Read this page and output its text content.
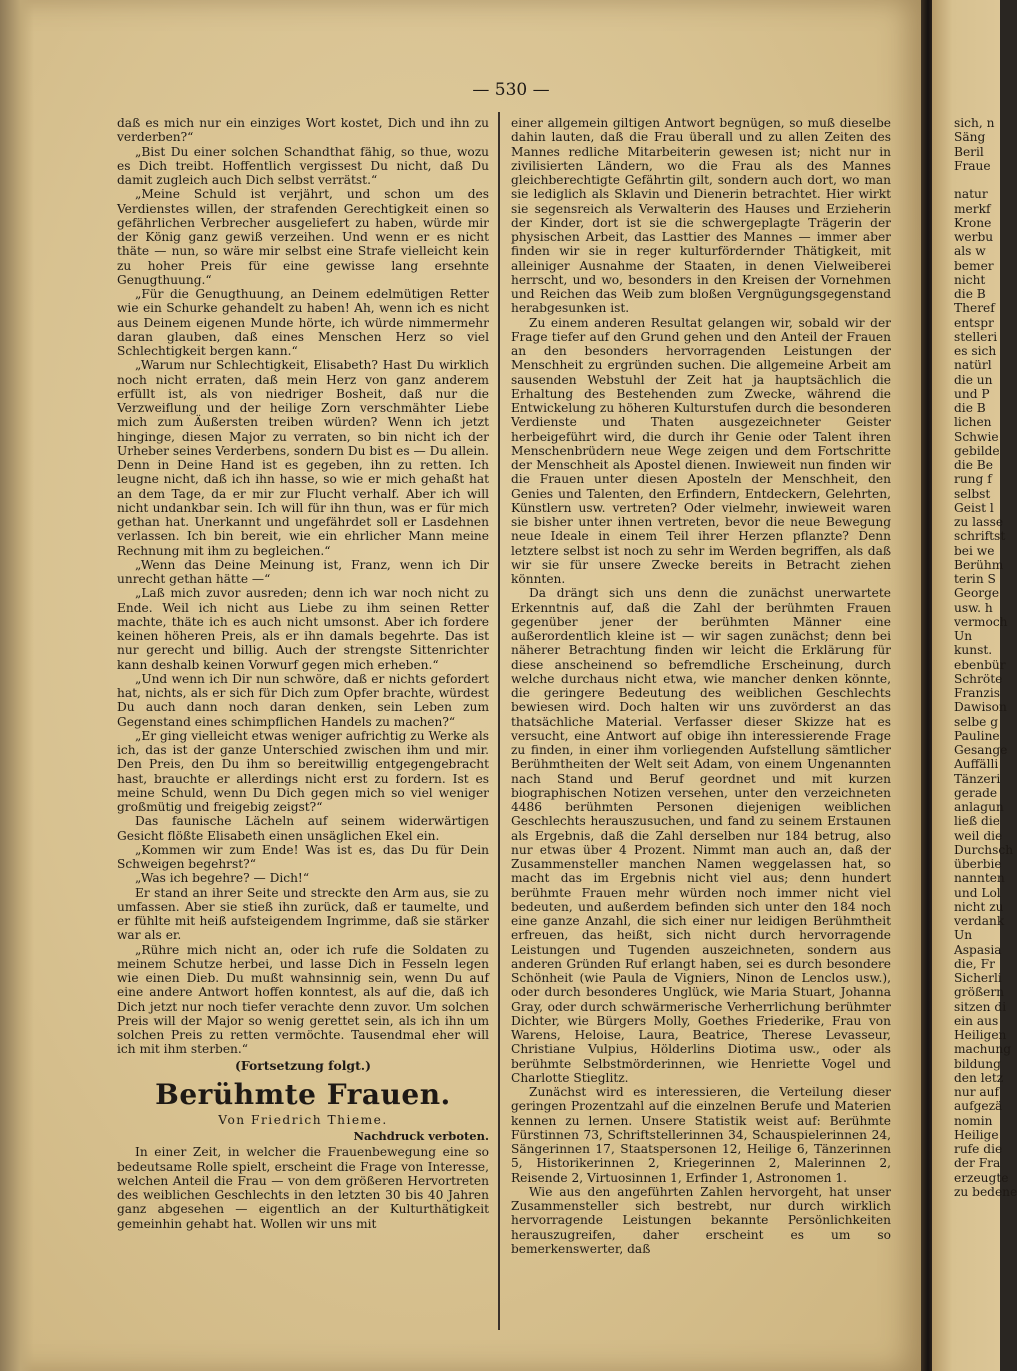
— 530 —

daß es mich nur ein einziges Wort kostet, Dich und ihn zu verderben?“

„Bist Du einer solchen Schandthat fähig, so thue, wozu es Dich treibt. Hoffentlich vergissest Du nicht, daß Du damit zugleich auch Dich selbst verrätst.“

„Meine Schuld ist verjährt, und schon um des Verdienstes willen, der strafenden Gerechtigkeit einen so gefährlichen Verbrecher ausgeliefert zu haben, würde mir der König ganz gewiß verzeihen. Und wenn er es nicht thäte — nun, so wäre mir selbst eine Strafe vielleicht kein zu hoher Preis für eine gewisse lang ersehnte Genugthuung.“

„Für die Genugthuung, an Deinem edelmütigen Retter wie ein Schurke gehandelt zu haben! Ah, wenn ich es nicht aus Deinem eigenen Munde hörte, ich würde nimmermehr daran glauben, daß eines Menschen Herz so viel Schlechtigkeit bergen kann.“

„Warum nur Schlechtigkeit, Elisabeth? Hast Du wirklich noch nicht erraten, daß mein Herz von ganz anderem erfüllt ist, als von niedriger Bosheit, daß nur die Verzweiflung und der heilige Zorn verschmähter Liebe mich zum Äußersten treiben würden? Wenn ich jetzt hinginge, diesen Major zu verraten, so bin nicht ich der Urheber seines Verderbens, sondern Du bist es — Du allein. Denn in Deine Hand ist es gegeben, ihn zu retten. Ich leugne nicht, daß ich ihn hasse, so wie er mich gehaßt hat an dem Tage, da er mir zur Flucht verhalf. Aber ich will nicht undankbar sein. Ich will für ihn thun, was er für mich gethan hat. Unerkannt und ungefährdet soll er Lasdehnen verlassen. Ich bin bereit, wie ein ehrlicher Mann meine Rechnung mit ihm zu begleichen.“

„Wenn das Deine Meinung ist, Franz, wenn ich Dir unrecht gethan hätte —“

„Laß mich zuvor ausreden; denn ich war noch nicht zu Ende. Weil ich nicht aus Liebe zu ihm seinen Retter machte, thäte ich es auch nicht umsonst. Aber ich fordere keinen höheren Preis, als er ihn damals begehrte. Das ist nur gerecht und billig. Auch der strengste Sittenrichter kann deshalb keinen Vorwurf gegen mich erheben.“

„Und wenn ich Dir nun schwöre, daß er nichts gefordert hat, nichts, als er sich für Dich zum Opfer brachte, würdest Du auch dann noch daran denken, sein Leben zum Gegenstand eines schimpflichen Handels zu machen?“

„Er ging vielleicht etwas weniger aufrichtig zu Werke als ich, das ist der ganze Unterschied zwischen ihm und mir. Den Preis, den Du ihm so bereitwillig entgegengebracht hast, brauchte er allerdings nicht erst zu fordern. Ist es meine Schuld, wenn Du Dich gegen mich so viel weniger großmütig und freigebig zeigst?“

Das faunische Lächeln auf seinem widerwärtigen Gesicht flößte Elisabeth einen unsäglichen Ekel ein.

„Kommen wir zum Ende! Was ist es, das Du für Dein Schweigen begehrst?“

„Was ich begehre? — Dich!“

Er stand an ihrer Seite und streckte den Arm aus, sie zu umfassen. Aber sie stieß ihn zurück, daß er taumelte, und er fühlte mit heiß aufsteigendem Ingrimme, daß sie stärker war als er.

„Rühre mich nicht an, oder ich rufe die Soldaten zu meinem Schutze herbei, und lasse Dich in Fesseln legen wie einen Dieb. Du mußt wahnsinnig sein, wenn Du auf eine andere Antwort hoffen konntest, als auf die, daß ich Dich jetzt nur noch tiefer verachte denn zuvor. Um solchen Preis will der Major so wenig gerettet sein, als ich ihn um solchen Preis zu retten vermöchte. Tausendmal eher will ich mit ihm sterben.“

(Fortsetzung folgt.)
Berühmte Frauen.
Von Friedrich Thieme.
Nachdruck verboten.

In einer Zeit, in welcher die Frauenbewegung eine so bedeutsame Rolle spielt, erscheint die Frage von Interesse, welchen Anteil die Frau — von dem größeren Hervortreten des weiblichen Geschlechts in den letzten 30 bis 40 Jahren ganz abgesehen — eigentlich an der Kulturthätigkeit gemeinhin gehabt hat. Wollen wir uns mit

einer allgemein giltigen Antwort begnügen, so muß dieselbe dahin lauten, daß die Frau überall und zu allen Zeiten des Mannes redliche Mitarbeiterin gewesen ist; nicht nur in zivilisierten Ländern, wo die Frau als des Mannes gleichberechtigte Gefährtin gilt, sondern auch dort, wo man sie lediglich als Sklavin und Dienerin betrachtet. Hier wirkt sie segensreich als Verwalterin des Hauses und Erzieherin der Kinder, dort ist sie die schwergeplagte Trägerin der physischen Arbeit, das Lasttier des Mannes — immer aber finden wir sie in reger kulturfördernder Thätigkeit, mit alleiniger Ausnahme der Staaten, in denen Vielweiberei herrscht, und wo, besonders in den Kreisen der Vornehmen und Reichen das Weib zum bloßen Vergnügungsgegenstand herabgesunken ist.

Zu einem anderen Resultat gelangen wir, sobald wir der Frage tiefer auf den Grund gehen und den Anteil der Frauen an den besonders hervorragenden Leistungen der Menschheit zu ergründen suchen. Die allgemeine Arbeit am sausenden Webstuhl der Zeit hat ja hauptsächlich die Erhaltung des Bestehenden zum Zwecke, während die Entwickelung zu höheren Kulturstufen durch die besonderen Verdienste und Thaten ausgezeichneter Geister herbeigeführt wird, die durch ihr Genie oder Talent ihren Menschenbrüdern neue Wege zeigen und dem Fortschritte der Menschheit als Apostel dienen. Inwieweit nun finden wir die Frauen unter diesen Aposteln der Menschheit, den Genies und Talenten, den Erfindern, Entdeckern, Gelehrten, Künstlern usw. vertreten? Oder vielmehr, inwieweit waren sie bisher unter ihnen vertreten, bevor die neue Bewegung neue Ideale in einem Teil ihrer Herzen pflanzte? Denn letztere selbst ist noch zu sehr im Werden begriffen, als daß wir sie für unsere Zwecke bereits in Betracht ziehen könnten.

Da drängt sich uns denn die zunächst unerwartete Erkenntnis auf, daß die Zahl der berühmten Frauen gegenüber jener der berühmten Männer eine außerordentlich kleine ist — wir sagen zunächst; denn bei näherer Betrachtung finden wir leicht die Erklärung für diese anscheinend so befremdliche Erscheinung, durch welche durchaus nicht etwa, wie mancher denken könnte, die geringere Bedeutung des weiblichen Geschlechts bewiesen wird. Doch halten wir uns zuvörderst an das thatsächliche Material. Verfasser dieser Skizze hat es versucht, eine Antwort auf obige ihn interessierende Frage zu finden, in einer ihm vorliegenden Aufstellung sämtlicher Berühmtheiten der Welt seit Adam, von einem Ungenannten nach Stand und Beruf geordnet und mit kurzen biographischen Notizen versehen, unter den verzeichneten 4486 berühmten Personen diejenigen weiblichen Geschlechts herauszusuchen, und fand zu seinem Erstaunen als Ergebnis, daß die Zahl derselben nur 184 betrug, also nur etwas über 4 Prozent. Nimmt man auch an, daß der Zusammensteller manchen Namen weggelassen hat, so macht das im Ergebnis nicht viel aus; denn hundert berühmte Frauen mehr würden noch immer nicht viel bedeuten, und außerdem befinden sich unter den 184 noch eine ganze Anzahl, die sich einer nur leidigen Berühmtheit erfreuen, das heißt, sich nicht durch hervorragende Leistungen und Tugenden auszeichneten, sondern aus anderen Gründen Ruf erlangt haben, sei es durch besondere Schönheit (wie Paula de Vigniers, Ninon de Lenclos usw.), oder durch besonderes Unglück, wie Maria Stuart, Johanna Gray, oder durch schwärmerische Verherrlichung berühmter Dichter, wie Bürgers Molly, Goethes Friederike, Frau von Warens, Heloise, Laura, Beatrice, Therese Levasseur, Christiane Vulpius, Hölderlins Diotima usw., oder als berühmte Selbstmörderinnen, wie Henriette Vogel und Charlotte Stieglitz.

Zunächst wird es interessieren, die Verteilung dieser geringen Prozentzahl auf die einzelnen Berufe und Materien kennen zu lernen. Unsere Statistik weist auf: Berühmte Fürstinnen 73, Schriftstellerinnen 34, Schauspielerinnen 24, Sängerinnen 17, Staatspersonen 12, Heilige 6, Tänzerinnen 5, Historikerinnen 2, Kriegerinnen 2, Malerinnen 2, Reisende 2, Virtuosinnen 1, Erfinder 1, Astronomen 1.

Wie aus den angeführten Zahlen hervorgeht, hat unser Zusammensteller sich bestrebt, nur durch wirklich hervorragende Leistungen bekannte Persönlichkeiten herauszugreifen, daher erscheint es um so bemerkenswerter, daß

sich, n
Säng
Beril
Fraue
natur
merkf
Krone
werbu
als w
bemer
nicht
die B
Theref
entspr
stelleri
es sich
natürl
die un
und P
die B
lichen
Schwie
gebilde
die Be
rung f
selbst
Geist l
zu lasse
schriftst
bei we
Berühm
terin S
George
usw. h
vermoch
Un
kunst.
ebenbür
Schröte
Franzis
Dawison
selbe g
Pauline
Gesange
Auffälli
Tänzeri
gerade
anlagun
ließ die
weil die
Durchsch
überbie
nannten
und Lol
nicht zu
verdank
Un
Aspasia
die, Fr
Sicherli
größern
sitzen di
ein aus
Heiligen
machung
bildung
den letz
nur auf
aufgezä
nomin
Heilige
rufe die
der Fra
erzeugte
zu bedene
